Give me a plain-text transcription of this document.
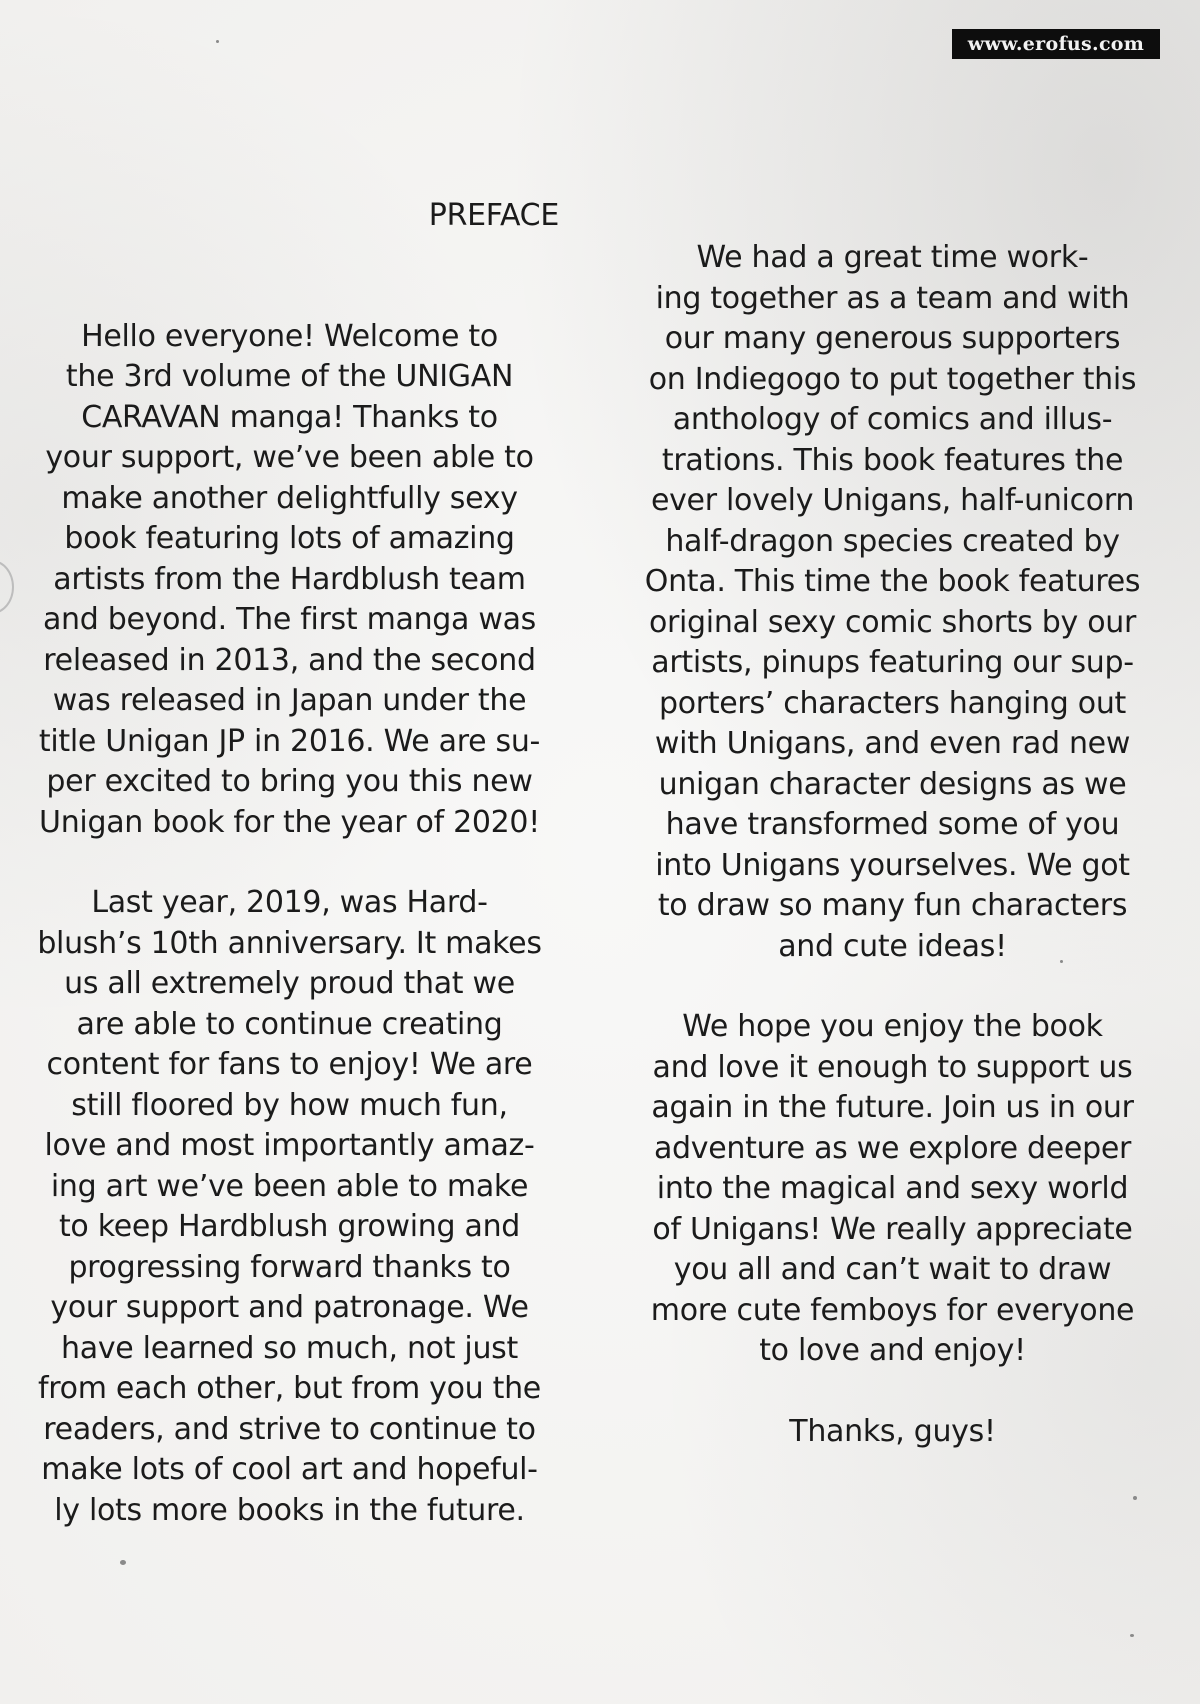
www.erofus.com
PREFACE
Hello everyone! Welcome to
the 3rd volume of the UNIGAN
CARAVAN manga! Thanks to
your support, we’ve been able to
make another delightfully sexy
book featuring lots of amazing
artists from the Hardblush team
and beyond. The first manga was
released in 2013, and the second
was released in Japan under the
title Unigan JP in 2016. We are su-
per excited to bring you this new
Unigan book for the year of 2020!
Last year, 2019, was Hard-
blush’s 10th anniversary. It makes
us all extremely proud that we
are able to continue creating
content for fans to enjoy! We are
still floored by how much fun,
love and most importantly amaz-
ing art we’ve been able to make
to keep Hardblush growing and
progressing forward thanks to
your support and patronage. We
have learned so much, not just
from each other, but from you the
readers, and strive to continue to
make lots of cool art and hopeful-
ly lots more books in the future.
We had a great time work-
ing together as a team and with
our many generous supporters
on Indiegogo to put together this
anthology of comics and illus-
trations. This book features the
ever lovely Unigans, half-unicorn
half-dragon species created by
Onta. This time the book features
original sexy comic shorts by our
artists, pinups featuring our sup-
porters’ characters hanging out
with Unigans, and even rad new
unigan character designs as we
have transformed some of you
into Unigans yourselves. We got
to draw so many fun characters
and cute ideas!
We hope you enjoy the book
and love it enough to support us
again in the future. Join us in our
adventure as we explore deeper
into the magical and sexy world
of Unigans! We really appreciate
you all and can’t wait to draw
more cute femboys for everyone
to love and enjoy!
Thanks, guys!
